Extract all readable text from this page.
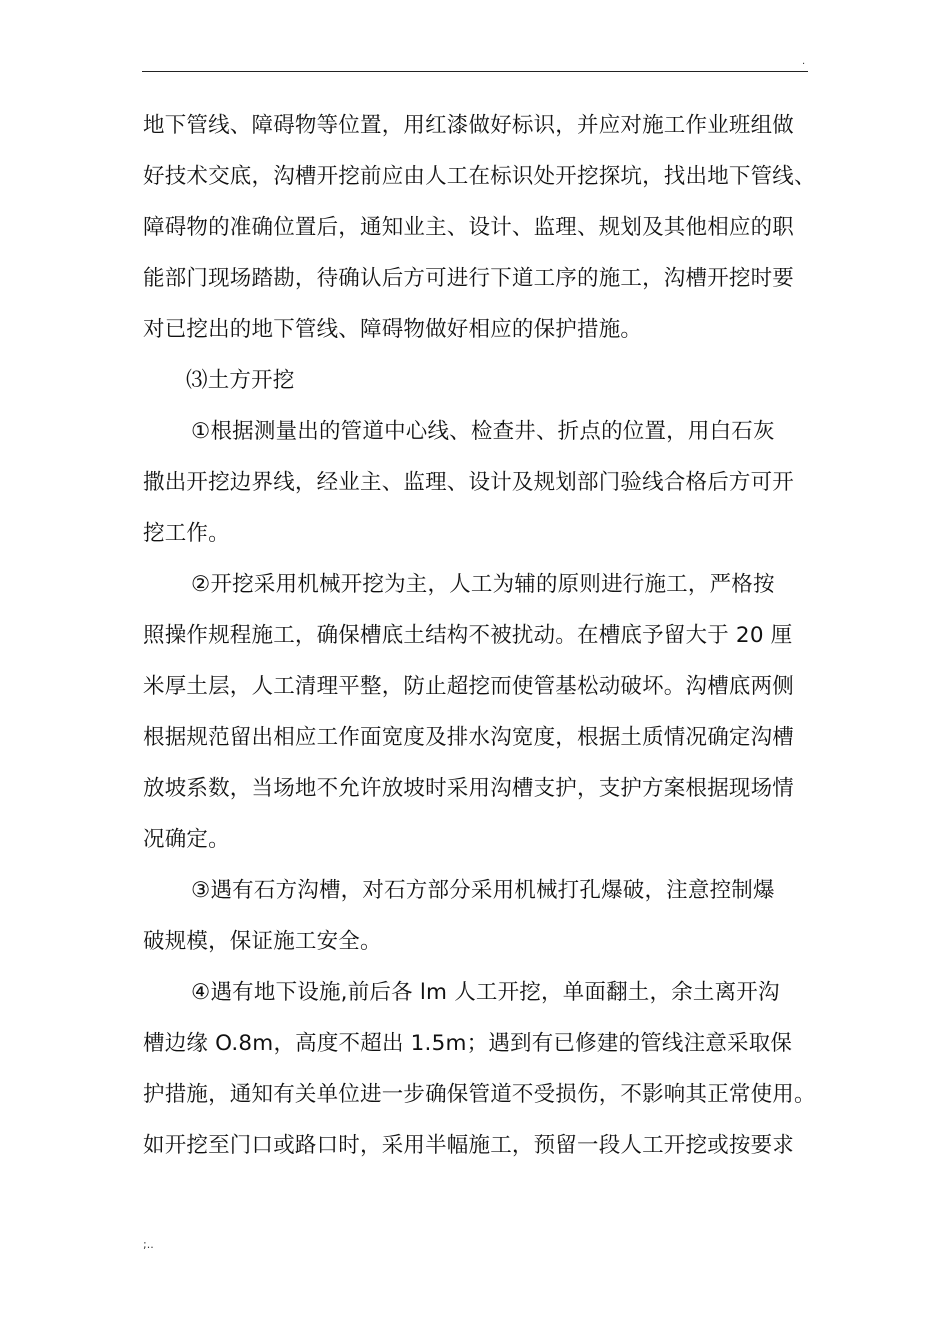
.
地下管线、障碍物等位置，用红漆做好标识，并应对施工作业班组做
好技术交底，沟槽开挖前应由人工在标识处开挖探坑，找出地下管线、
障碍物的准确位置后，通知业主、设计、监理、规划及其他相应的职
能部门现场踏勘，待确认后方可进行下道工序的施工，沟槽开挖时要
对已挖出的地下管线、障碍物做好相应的保护措施。
⑶土方开挖
①根据测量出的管道中心线、检查井、折点的位置，用白石灰
撒出开挖边界线，经业主、监理、设计及规划部门验线合格后方可开
挖工作。
②开挖采用机械开挖为主，人工为辅的原则进行施工，严格按
照操作规程施工，确保槽底土结构不被扰动。在槽底予留大于 20 厘
米厚土层，人工清理平整，防止超挖而使管基松动破坏。沟槽底两侧
根据规范留出相应工作面宽度及排水沟宽度，根据土质情况确定沟槽
放坡系数，当场地不允许放坡时采用沟槽支护，支护方案根据现场情
况确定。
③遇有石方沟槽，对石方部分采用机械打孔爆破，注意控制爆
破规模，保证施工安全。
④遇有地下设施,前后各 lm 人工开挖，单面翻土，余土离开沟
槽边缘 O.8m，高度不超出 1.5m；遇到有已修建的管线注意采取保
护措施，通知有关单位进一步确保管道不受损伤，不影响其正常使用。
如开挖至门口或路口时，采用半幅施工，预留一段人工开挖或按要求
;..
